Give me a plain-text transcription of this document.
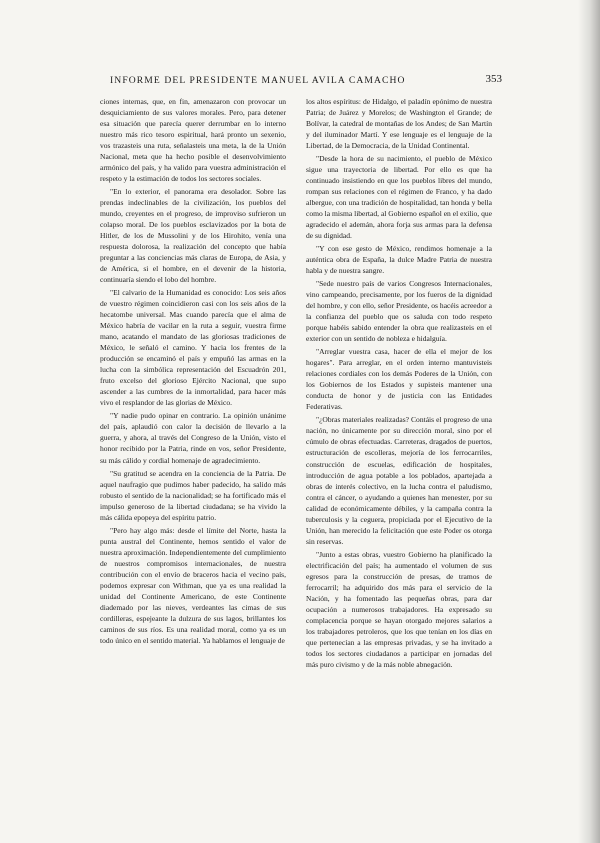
INFORME DEL PRESIDENTE MANUEL AVILA CAMACHO	353

ciones internas, que, en fin, amenazaron con provocar un desquiciamiento de sus valores morales. Pero, para detener esa situación que parecía querer derrumbar en lo interno nuestro más rico tesoro espiritual, hará pronto un sexenio, vos trazasteis una ruta, señalasteis una meta, la de la Unión Nacional, meta que ha hecho posible el desenvolvimiento armónico del país, y ha valido para vuestra administración el respeto y la estimación de todos los sectores sociales.

"En lo exterior, el panorama era desolador. Sobre las prendas indeclinables de la civilización, los pueblos del mundo, creyentes en el progreso, de improviso sufrieron un colapso moral. De los pueblos esclavizados por la bota de Hitler, de los de Mussolini y de los Hirohito, venía una respuesta dolorosa, la realización del concepto que había preguntar a las conciencias más claras de Europa, de Asia, y de América, si el hombre, en el devenir de la historia, continuaría siendo el lobo del hombre.

"El calvario de la Humanidad es conocido: Los seis años de vuestro régimen coincidieron casi con los seis años de la hecatombe universal. Mas cuando parecía que el alma de México habría de vacilar en la ruta a seguir, vuestra firme mano, acatando el mandato de las gloriosas tradiciones de México, le señaló el camino. Y hacia los frentes de la producción se encaminó el país y empuñó las armas en la lucha con la simbólica representación del Escuadrón 201, fruto excelso del glorioso Ejército Nacional, que supo ascender a las cumbres de la inmortalidad, para hacer más vivo el resplandor de las glorias de México.

"Y nadie pudo opinar en contrario. La opinión unánime del país, aplaudió con calor la decisión de llevarlo a la guerra, y ahora, al través del Congreso de la Unión, visto el honor recibido por la Patria, rinde en vos, señor Presidente, su más cálido y cordial homenaje de agradecimiento.

"Su gratitud se acendra en la conciencia de la Patria. De aquel naufragio que pudimos haber padecido, ha salido más robusto el sentido de la nacionalidad; se ha fortificado más el impulso generoso de la libertad ciudadana; se ha vivido la más cálida epopeya del espíritu patrio.

"Pero hay algo más: desde el límite del Norte, hasta la punta austral del Continente, hemos sentido el valor de nuestra aproximación. Independientemente del cumplimiento de nuestros compromisos internacionales, de nuestra contribución con el envío de braceros hacia el vecino país, podemos expresar con Withman, que ya es una realidad la unidad del Continente Americano, de este Continente diademado por las nieves, verdeantes las cimas de sus cordilleras, espejeante la dulzura de sus lagos, brillantes los caminos de sus ríos. Es una realidad moral, como ya es un todo único en el sentido material. Ya hablamos el lenguaje de

los altos espíritus: de Hidalgo, el paladín epónimo de nuestra Patria; de Juárez y Morelos; de Washington el Grande; de Bolívar, la catedral de montañas de los Andes; de San Martín y del iluminador Martí. Y ese lenguaje es el lenguaje de la Libertad, de la Democracia, de la Unidad Continental.

"Desde la hora de su nacimiento, el pueblo de México sigue una trayectoria de libertad. Por ello es que ha continuado insistiendo en que los pueblos libres del mundo, rompan sus relaciones con el régimen de Franco, y ha dado albergue, con una tradición de hospitalidad, tan honda y bella como la misma libertad, al Gobierno español en el exilio, que agradecido el ademán, ahora forja sus armas para la defensa de su dignidad.

"Y con ese gesto de México, rendimos homenaje a la auténtica obra de España, la dulce Madre Patria de nuestra habla y de nuestra sangre.

"Sede nuestro país de varios Congresos Internacionales, vino campeando, precisamente, por los fueros de la dignidad del hombre, y con ello, señor Presidente, os hacéis acreedor a la confianza del pueblo que os saluda con todo respeto porque habéis sabido entender la obra que realizasteis en el exterior con un sentido de nobleza e hidalguía.

"Arreglar vuestra casa, hacer de ella el mejor de los hogares". Para arreglar, en el orden interno mantuvisteis relaciones cordiales con los demás Poderes de la Unión, con los Gobiernos de los Estados y supisteis mantener una conducta de honor y de justicia con las Entidades Federativas.

"¿Obras materiales realizadas? Contáis el progreso de una nación, no únicamente por su dirección moral, sino por el cúmulo de obras efectuadas. Carreteras, dragados de puertos, estructuración de escolleras, mejoría de los ferrocarriles, construcción de escuelas, edificación de hospitales, introducción de agua potable a los poblados, apartejada a obras de interés colectivo, en la lucha contra el paludismo, contra el cáncer, o ayudando a quienes han menester, por su calidad de económicamente débiles, y la campaña contra la tuberculosis y la ceguera, propiciada por el Ejecutivo de la Unión, han merecido la felicitación que este Poder os otorga sin reservas.

"Junto a estas obras, vuestro Gobierno ha planificado la electrificación del país; ha aumentado el volumen de sus egresos para la construcción de presas, de tramos de ferrocarril; ha adquirido dos más para el servicio de la Nación, y ha fomentado las pequeñas obras, para dar ocupación a numerosos trabajadores. Ha expresado su complacencia porque se hayan otorgado mejores salarios a los trabajadores petroleros, que los que tenían en los días en que pertenecían a las empresas privadas, y se ha invitado a todos los sectores ciudadanos a participar en jornadas del más puro civismo y de la más noble abnegación.
